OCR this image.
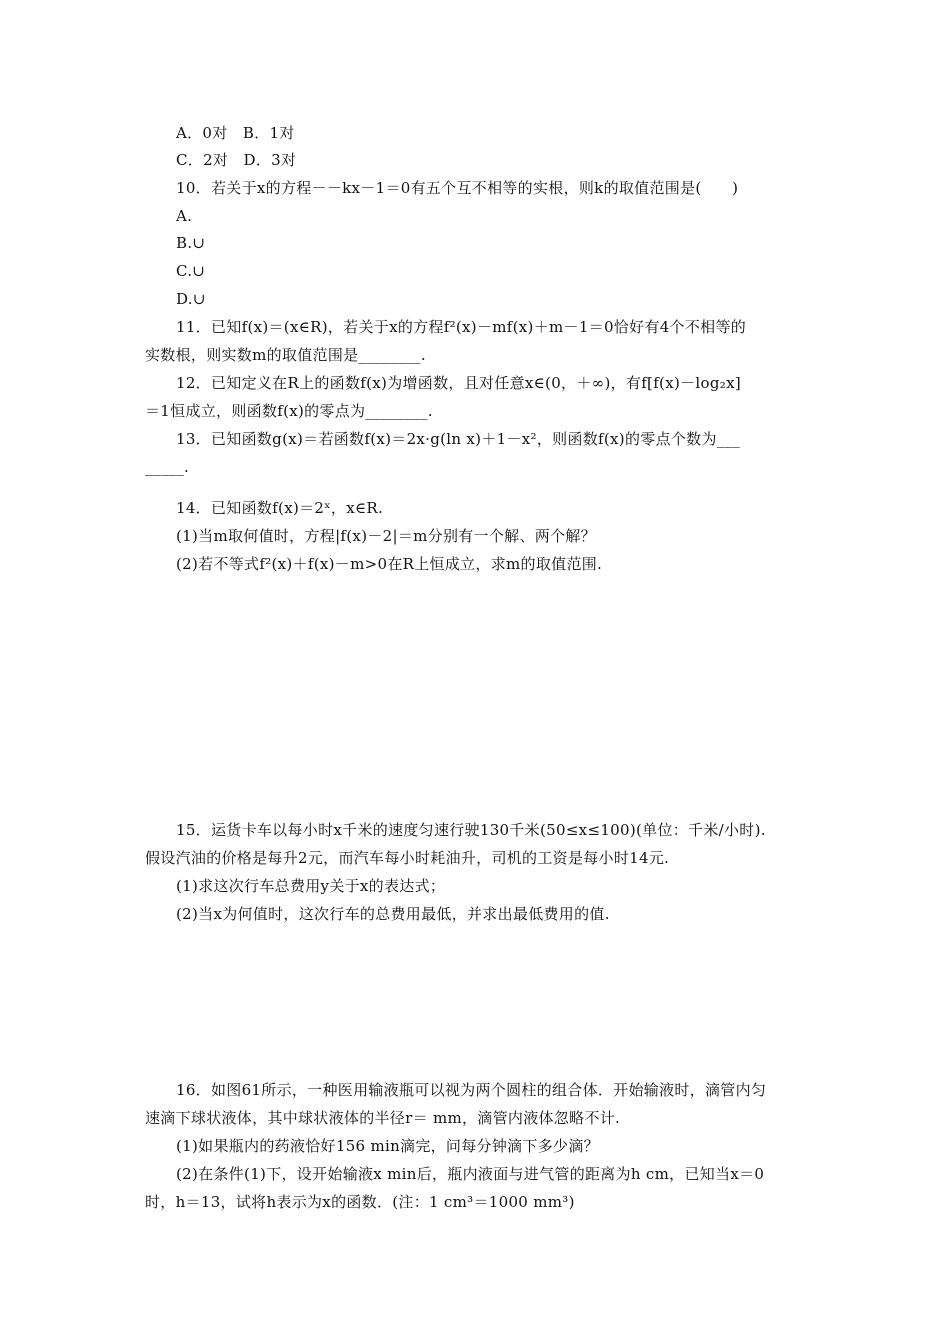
A．0对　B．1对
C．2对　D．3对
10．若关于x的方程－－kx－1＝0有五个互不相等的实根，则k的取值范围是(　　)
A.
B.∪
C.∪
D.∪
11．已知f(x)＝(x∈R)，若关于x的方程f²(x)－mf(x)＋m－1＝0恰好有4个不相等的
实数根，则实数m的取值范围是________.
12．已知定义在R上的函数f(x)为增函数，且对任意x∈(0，＋∞)，有f[f(x)－log₂x]
＝1恒成立，则函数f(x)的零点为________.
13．已知函数g(x)＝若函数f(x)＝2x·g(ln x)＋1－x²，则函数f(x)的零点个数为___
_____.
14．已知函数f(x)＝2ˣ，x∈R.
(1)当m取何值时，方程|f(x)－2|＝m分别有一个解、两个解？
(2)若不等式f²(x)＋f(x)－m>0在R上恒成立，求m的取值范围.
15．运货卡车以每小时x千米的速度匀速行驶130千米(50≤x≤100)(单位：千米/小时).
假设汽油的价格是每升2元，而汽车每小时耗油升，司机的工资是每小时14元.
(1)求这次行车总费用y关于x的表达式；
(2)当x为何值时，这次行车的总费用最低，并求出最低费用的值.
16．如图61所示，一种医用输液瓶可以视为两个圆柱的组合体．开始输液时，滴管内匀
速滴下球状液体，其中球状液体的半径r＝ mm，滴管内液体忽略不计.
(1)如果瓶内的药液恰好156 min滴完，问每分钟滴下多少滴？
(2)在条件(1)下，设开始输液x min后，瓶内液面与进气管的距离为h cm，已知当x＝0
时，h＝13，试将h表示为x的函数．(注：1 cm³＝1000 mm³)
